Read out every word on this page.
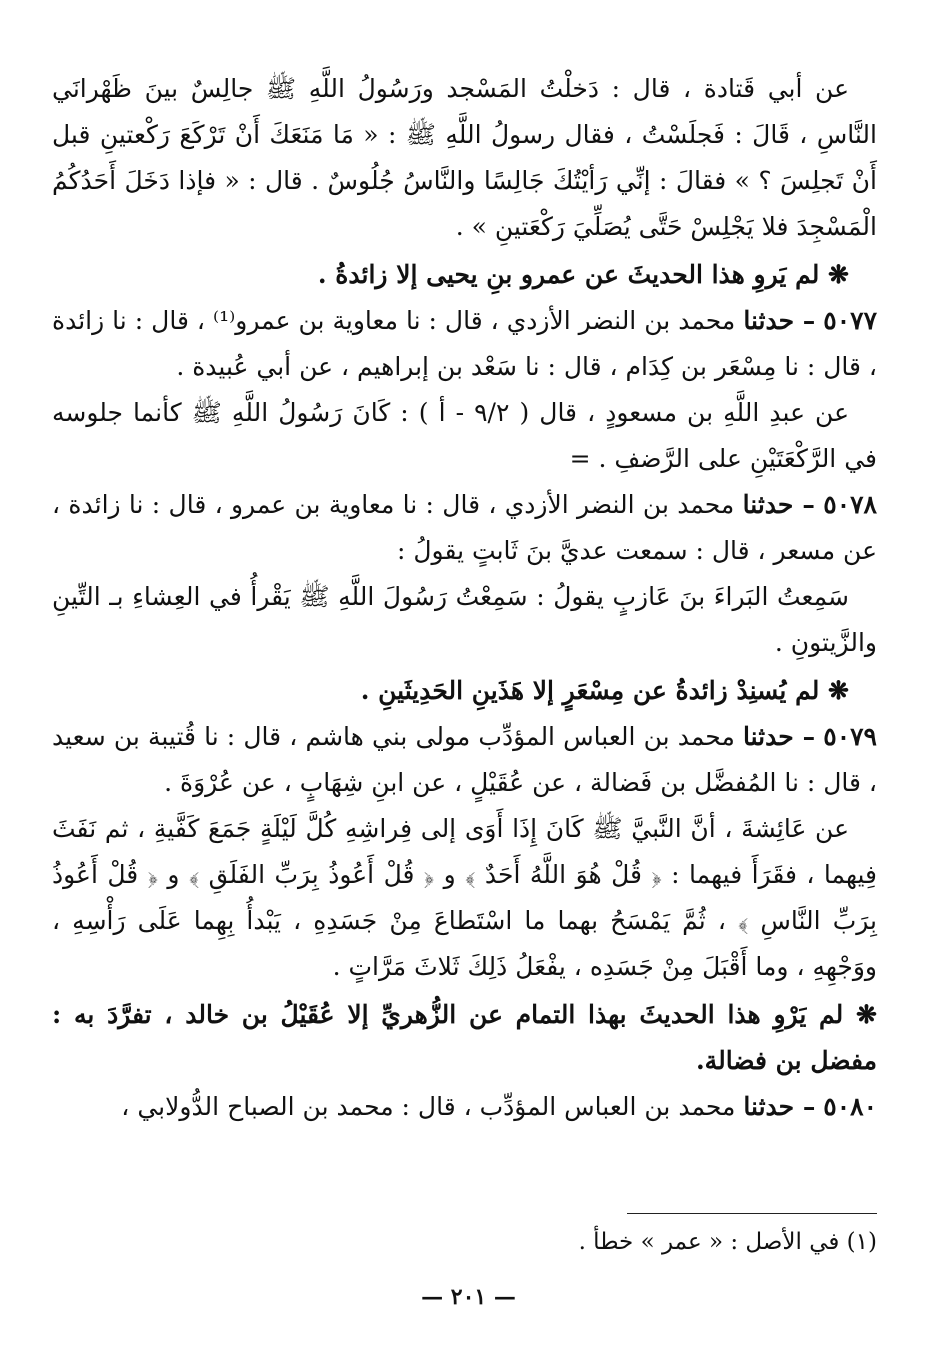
عن أبي قَتادة ، قال : دَخلْتُ المَسْجد ورَسُولُ اللَّهِ ﷺ جالِسٌ بينَ ظَهْرانَي النَّاسِ ، قَالَ : فَجلَسْتُ ، فقال رسولُ اللَّهِ ﷺ : « مَا مَنَعَكَ أَنْ تَرْكَعَ رَكْعتينِ قبل أَنْ تَجلِسَ ؟ » فقالَ : إنِّي رَأيْتُكَ جَالِسًا والنَّاسُ جُلُوسٌ . قال : « فإذا دَخَلَ أَحَدُكُمُ الْمَسْجِدَ فلا يَجْلِسْ حَتَّى يُصَلِّيَ رَكْعَتينِ » .

❋ لم يَروِ هذا الحديثَ عن عمرو بنِ يحيى إلا زائدةُ .

٥٠٧٧ – حدثنا محمد بن النضر الأزدي ، قال : نا معاوية بن عمرو⁽¹⁾ ، قال : نا زائدة ، قال : نا مِسْعَر بن كِدَام ، قال : نا سَعْد بن إبراهيم ، عن أبي عُبيدة .

عن عبدِ اللَّهِ بن مسعودٍ ، قال ( ٩/٢ - أ ) : كَانَ رَسُولُ اللَّهِ ﷺ كأنما جلوسه في الرَّكْعَتَيْنِ على الرَّضفِ . =

٥٠٧٨ – حدثنا محمد بن النضر الأزدي ، قال : نا معاوية بن عمرو ، قال : نا زائدة ، عن مسعر ، قال : سمعت عديَّ بنَ ثَابتٍ يقولُ :

سَمِعتُ البَراءَ بنَ عَازبٍ يقولُ : سَمِعْتُ رَسُولَ اللَّهِ ﷺ يَقْرأُ في العِشاءِ بـ التِّينِ والزَّيتونِ .

❋ لم يُسنِدْ زائدةُ عن مِسْعَرٍ إلا هَذَينِ الحَدِيثَينِ .

٥٠٧٩ – حدثنا محمد بن العباس المؤدِّب مولى بني هاشم ، قال : نا قُتيبة بن سعيد ، قال : نا المُفضَّل بن فَضالة ، عن عُقَيْلٍ ، عن ابنِ شِهَابٍ ، عن عُرْوَةَ .

عن عَائِشةَ ، أنَّ النَّبيَّ ﷺ كَانَ إِذَا أَوَى إلى فِراشِهِ كُلَّ لَيْلَةٍ جَمَعَ كَفَّيةِ ، ثم نَفَثَ فِيهما ، فقَرَأَ فيهما : ﴿ قُلْ هُوَ اللَّهُ أَحَدٌ ﴾ و ﴿ قُلْ أَعُوذُ بِرَبِّ الفَلَقِ ﴾ و ﴿ قُلْ أَعُوذُ بِرَبِّ النَّاسِ ﴾ ، ثُمَّ يَمْسَحُ بهما ما اسْتَطاعَ مِنْ جَسَدِهِ ، يَبْدأُ بِهِما عَلَى رَأْسِهِ ، ووَجْهِهِ ، وما أَقْبَلَ مِنْ جَسَدِه ، يفْعَلُ ذَلِكَ ثَلاثَ مَرَّاتٍ .

❋ لم يَرْوِ هذا الحديثَ بهذا التمام عن الزُّهريِّ إلا عُقَيْلُ بن خالد ، تفرَّدَ به : مفضل بن فضالة.

٥٠٨٠ – حدثنا محمد بن العباس المؤدِّب ، قال : محمد بن الصباح الدُّولابي ،

(١) في الأصل : « عمر » خطأ .

— ٢٠١ —
